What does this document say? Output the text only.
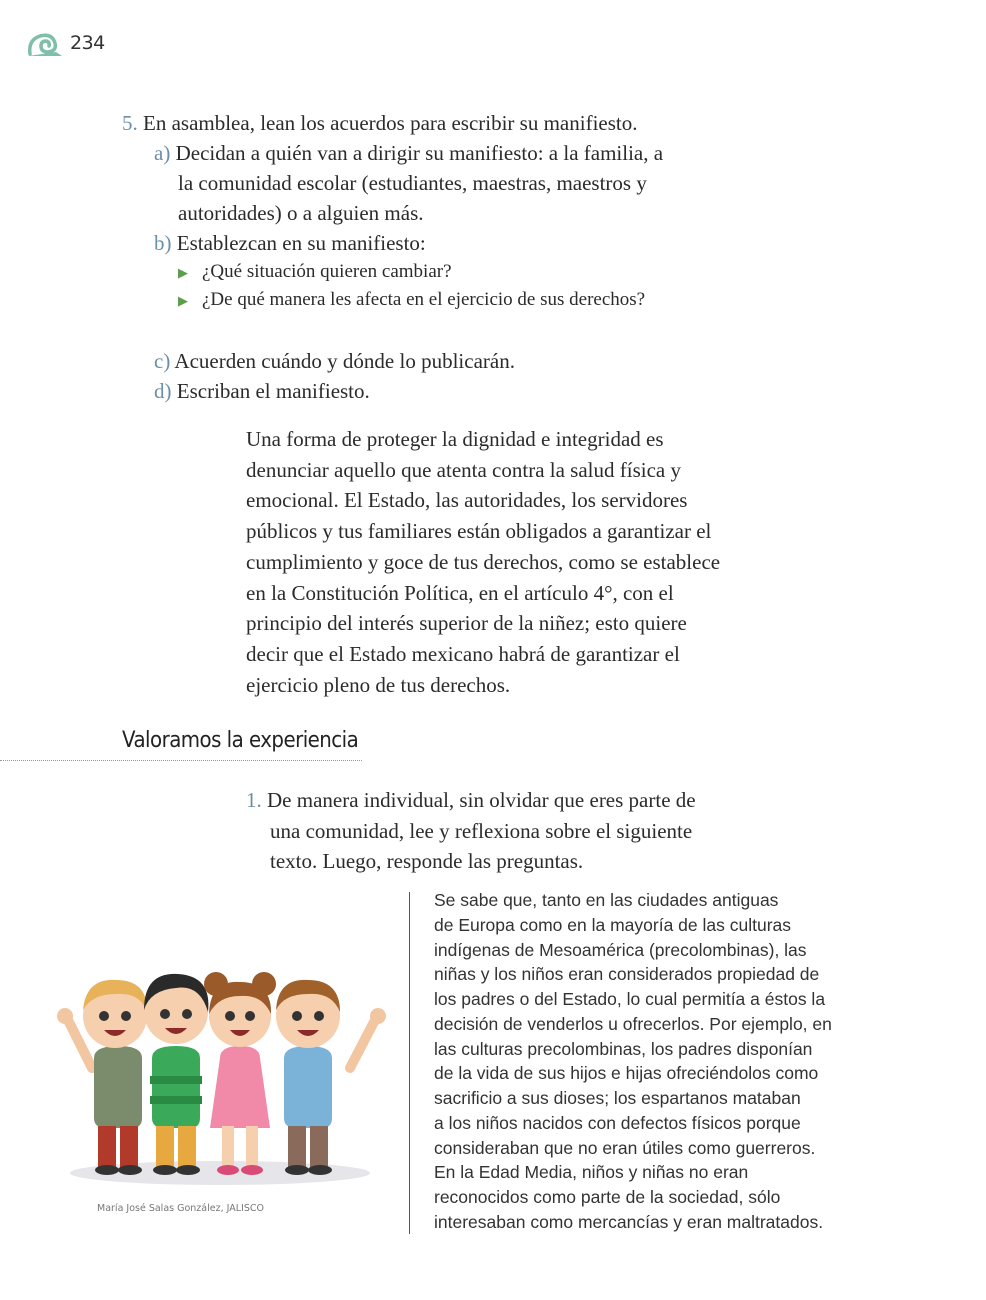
234
5. En asamblea, lean los acuerdos para escribir su manifiesto.
a) Decidan a quién van a dirigir su manifiesto: a la familia, a
la comunidad escolar (estudiantes, maestras, maestros y
autoridades) o a alguien más.
b) Establezcan en su manifiesto:
▶ ¿Qué situación quieren cambiar?
▶ ¿De qué manera les afecta en el ejercicio de sus derechos?
c) Acuerden cuándo y dónde lo publicarán.
d) Escriban el manifiesto.
Una forma de proteger la dignidad e integridad es
denunciar aquello que atenta contra la salud física y
emocional. El Estado, las autoridades, los servidores
públicos y tus familiares están obligados a garantizar el
cumplimiento y goce de tus derechos, como se establece
en la Constitución Política, en el artículo 4°, con el
principio del interés superior de la niñez; esto quiere
decir que el Estado mexicano habrá de garantizar el
ejercicio pleno de tus derechos.
Valoramos la experiencia
1. De manera individual, sin olvidar que eres parte de
una comunidad, lee y reflexiona sobre el siguiente
texto. Luego, responde las preguntas.
María José Salas González, JALISCO
Se sabe que, tanto en las ciudades antiguas
de Europa como en la mayoría de las culturas
indígenas de Mesoamérica (precolombinas), las
niñas y los niños eran considerados propiedad de
los padres o del Estado, lo cual permitía a éstos la
decisión de venderlos u ofrecerlos. Por ejemplo, en
las culturas precolombinas, los padres disponían
de la vida de sus hijos e hijas ofreciéndolos como
sacrificio a sus dioses; los espartanos mataban
a los niños nacidos con defectos físicos porque
consideraban que no eran útiles como guerreros.
En la Edad Media, niños y niñas no eran
reconocidos como parte de la sociedad, sólo
interesaban como mercancías y eran maltratados.
